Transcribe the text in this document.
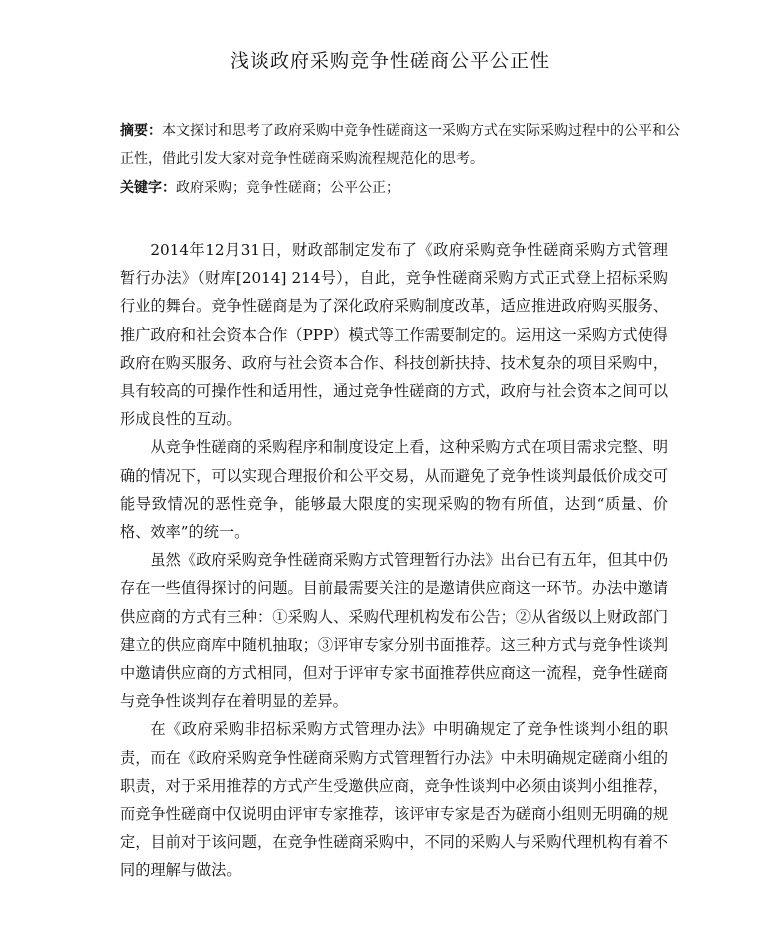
浅谈政府采购竞争性磋商公平公正性
摘要：本文探讨和思考了政府采购中竞争性磋商这一采购方式在实际采购过程中的公平和公正性，借此引发大家对竞争性磋商采购流程规范化的思考。
关键字：政府采购；竞争性磋商；公平公正；

2014年12月31日，财政部制定发布了《政府采购竞争性磋商采购方式管理暂行办法》（财库[2014] 214号），自此，竞争性磋商采购方式正式登上招标采购行业的舞台。竞争性磋商是为了深化政府采购制度改革，适应推进政府购买服务、推广政府和社会资本合作（PPP）模式等工作需要制定的。运用这一采购方式使得政府在购买服务、政府与社会资本合作、科技创新扶持、技术复杂的项目采购中，具有较高的可操作性和适用性，通过竞争性磋商的方式，政府与社会资本之间可以形成良性的互动。

从竞争性磋商的采购程序和制度设定上看，这种采购方式在项目需求完整、明确的情况下，可以实现合理报价和公平交易，从而避免了竞争性谈判最低价成交可能导致情况的恶性竞争，能够最大限度的实现采购的物有所值，达到“质量、价格、效率”的统一。

虽然《政府采购竞争性磋商采购方式管理暂行办法》出台已有五年，但其中仍存在一些值得探讨的问题。目前最需要关注的是邀请供应商这一环节。办法中邀请供应商的方式有三种：①采购人、采购代理机构发布公告；②从省级以上财政部门建立的供应商库中随机抽取；③评审专家分别书面推荐。这三种方式与竞争性谈判中邀请供应商的方式相同，但对于评审专家书面推荐供应商这一流程，竞争性磋商与竞争性谈判存在着明显的差异。

在《政府采购非招标采购方式管理办法》中明确规定了竞争性谈判小组的职责，而在《政府采购竞争性磋商采购方式管理暂行办法》中未明确规定磋商小组的职责，对于采用推荐的方式产生受邀供应商，竞争性谈判中必须由谈判小组推荐，而竞争性磋商中仅说明由评审专家推荐，该评审专家是否为磋商小组则无明确的规定，目前对于该问题，在竞争性磋商采购中，不同的采购人与采购代理机构有着不同的理解与做法。
